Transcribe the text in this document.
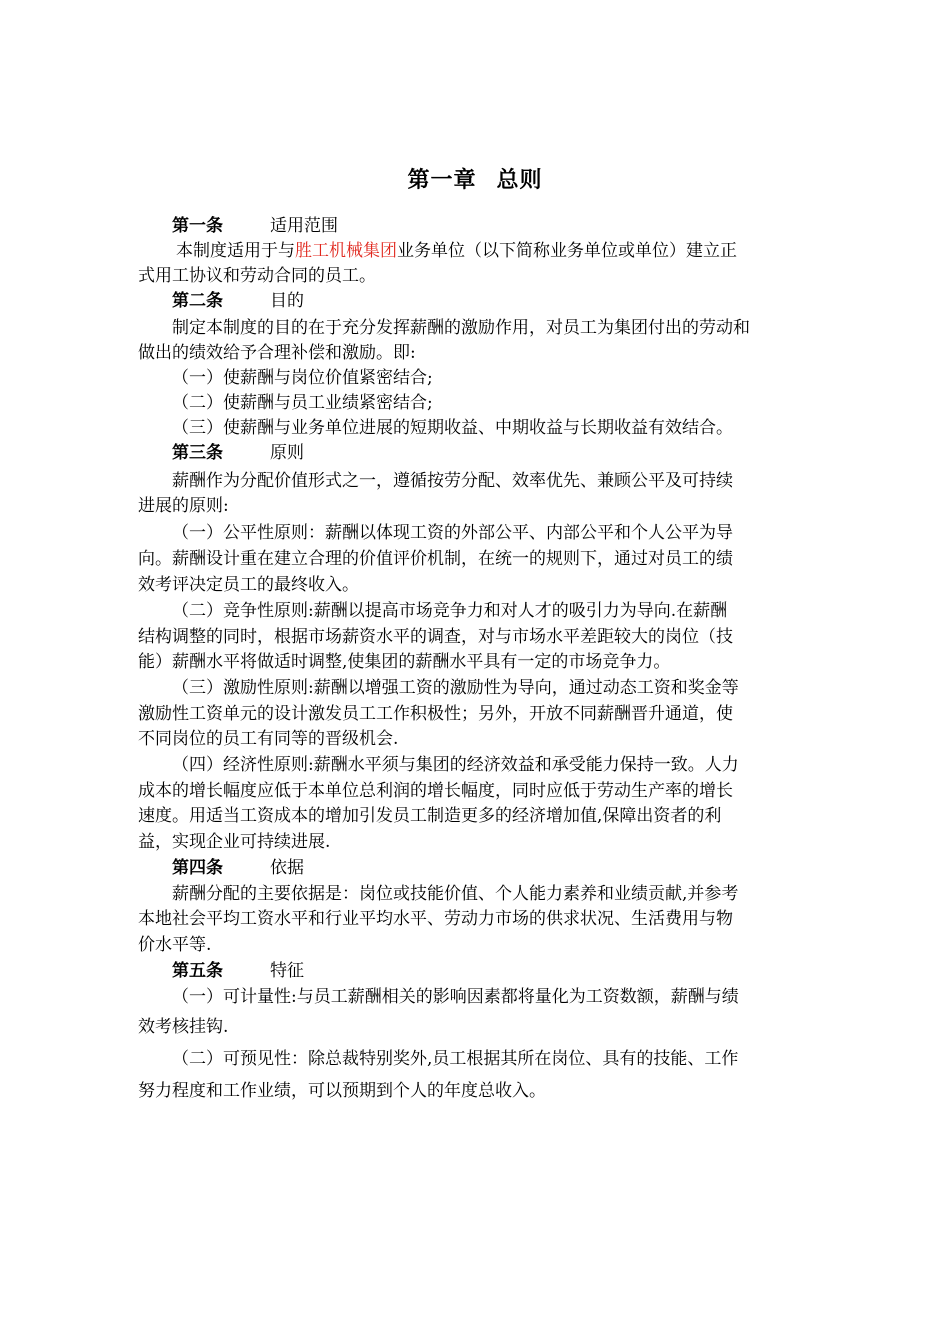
第一章 总则
第一条	适用范围
本制度适用于与胜工机械集团业务单位（以下简称业务单位或单位）建立正
式用工协议和劳动合同的员工。
第二条	目的
制定本制度的目的在于充分发挥薪酬的激励作用，对员工为集团付出的劳动和
做出的绩效给予合理补偿和激励。即:
（一）使薪酬与岗位价值紧密结合;
（二）使薪酬与员工业绩紧密结合;
（三）使薪酬与业务单位进展的短期收益、中期收益与长期收益有效结合。
第三条	原则
薪酬作为分配价值形式之一，遵循按劳分配、效率优先、兼顾公平及可持续
进展的原则:
（一）公平性原则：薪酬以体现工资的外部公平、内部公平和个人公平为导
向。薪酬设计重在建立合理的价值评价机制，在统一的规则下，通过对员工的绩
效考评决定员工的最终收入。
（二）竞争性原则:薪酬以提高市场竞争力和对人才的吸引力为导向.在薪酬
结构调整的同时，根据市场薪资水平的调查，对与市场水平差距较大的岗位（技
能）薪酬水平将做适时调整,使集团的薪酬水平具有一定的市场竞争力。
（三）激励性原则:薪酬以增强工资的激励性为导向，通过动态工资和奖金等
激励性工资单元的设计激发员工工作积极性；另外，开放不同薪酬晋升通道，使
不同岗位的员工有同等的晋级机会.
（四）经济性原则:薪酬水平须与集团的经济效益和承受能力保持一致。人力
成本的增长幅度应低于本单位总利润的增长幅度，同时应低于劳动生产率的增长
速度。用适当工资成本的增加引发员工制造更多的经济增加值,保障出资者的利
益，实现企业可持续进展.
第四条	依据
薪酬分配的主要依据是：岗位或技能价值、个人能力素养和业绩贡献,并参考
本地社会平均工资水平和行业平均水平、劳动力市场的供求状况、生活费用与物
价水平等.
第五条	特征
（一）可计量性:与员工薪酬相关的影响因素都将量化为工资数额，薪酬与绩
效考核挂钩.
（二）可预见性：除总裁特别奖外,员工根据其所在岗位、具有的技能、工作
努力程度和工作业绩，可以预期到个人的年度总收入。
